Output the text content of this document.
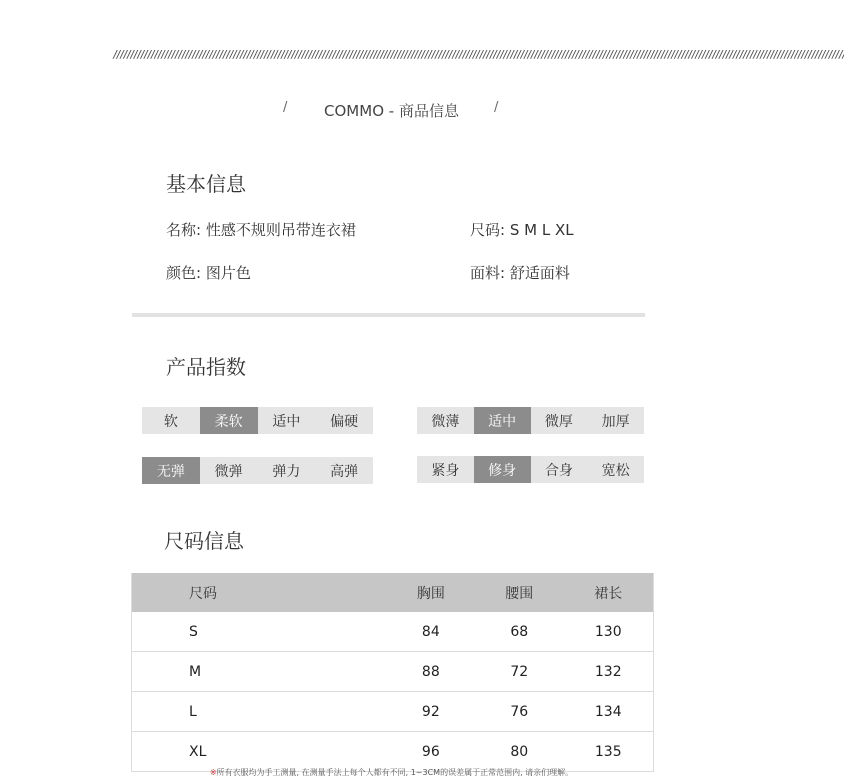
//////////////////////////////////////////////////////////////////////////////////////////////////////////////////////////////////////////////////////////////////////////////////////////////////////////////////////
/	COMMO - 商品信息	/
基本信息
名称: 性感不规则吊带连衣裙	尺码: S M L XL
颜色: 图片色	面料: 舒适面料
产品指数
软	柔软	适中	偏硬	微薄	适中	微厚	加厚
无弹	微弹	弹力	高弹	紧身	修身	合身	宽松
尺码信息
尺码	胸围	腰围	裙长
S	84	68	130
M	88	72	132
L	92	76	134
XL	96	80	135
※所有衣服均为手工测量, 在测量手法上每个人都有不同, 1~3CM的误差属于正常范围内, 请亲们理解。
